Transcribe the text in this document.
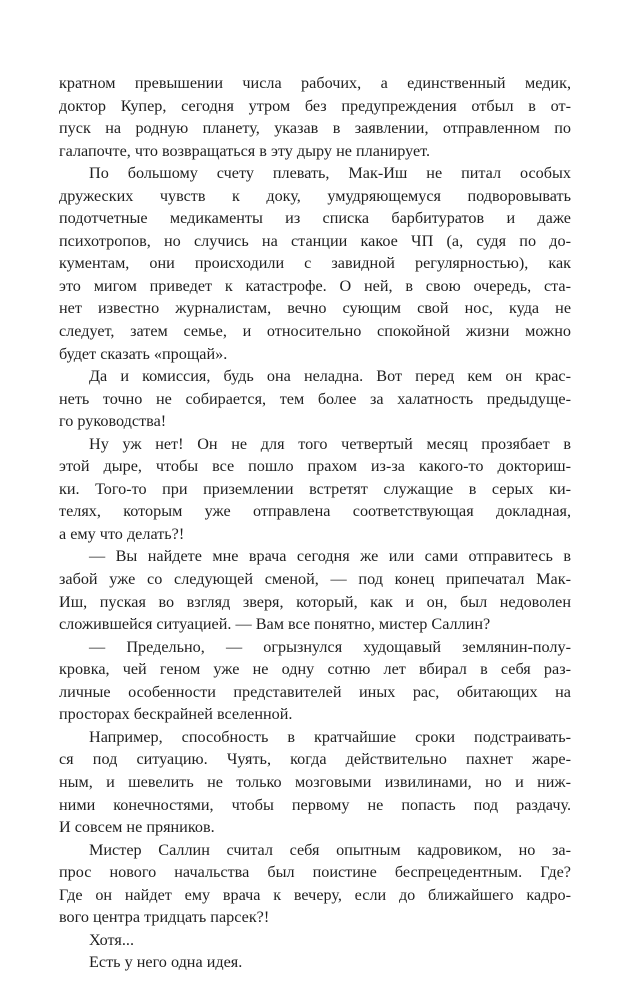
кратном превышении числа рабочих, а единственный медик,
доктор Купер, сегодня утром без предупреждения отбыл в от-
пуск на родную планету, указав в заявлении, отправленном по
галапочте, что возвращаться в эту дыру не планирует.
По большому счету плевать, Мак-Иш не питал особых
дружеских чувств к доку, умудряющемуся подворовывать
подотчетные медикаменты из списка барбитуратов и даже
психотропов, но случись на станции какое ЧП (а, судя по до-
кументам, они происходили с завидной регулярностью), как
это мигом приведет к катастрофе. О ней, в свою очередь, ста-
нет известно журналистам, вечно сующим свой нос, куда не
следует, затем семье, и относительно спокойной жизни можно
будет сказать «прощай».
Да и комиссия, будь она неладна. Вот перед кем он крас-
неть точно не собирается, тем более за халатность предыдуще-
го руководства!
Ну уж нет! Он не для того четвертый месяц прозябает в
этой дыре, чтобы все пошло прахом из-за какого-то докториш-
ки. Того-то при приземлении встретят служащие в серых ки-
телях, которым уже отправлена соответствующая докладная,
а ему что делать?!
— Вы найдете мне врача сегодня же или сами отправитесь в
забой уже со следующей сменой, — под конец припечатал Мак-
Иш, пуская во взгляд зверя, который, как и он, был недоволен
сложившейся ситуацией. — Вам все понятно, мистер Саллин?
— Предельно, — огрызнулся худощавый землянин-полу-
кровка, чей геном уже не одну сотню лет вбирал в себя раз-
личные особенности представителей иных рас, обитающих на
просторах бескрайней вселенной.
Например, способность в кратчайшие сроки подстраивать-
ся под ситуацию. Чуять, когда действительно пахнет жаре-
ным, и шевелить не только мозговыми извилинами, но и ниж-
ними конечностями, чтобы первому не попасть под раздачу.
И совсем не пряников.
Мистер Саллин считал себя опытным кадровиком, но за-
прос нового начальства был поистине беспрецедентным. Где?
Где он найдет ему врача к вечеру, если до ближайшего кадро-
вого центра тридцать парсек?!
Хотя...
Есть у него одна идея.
